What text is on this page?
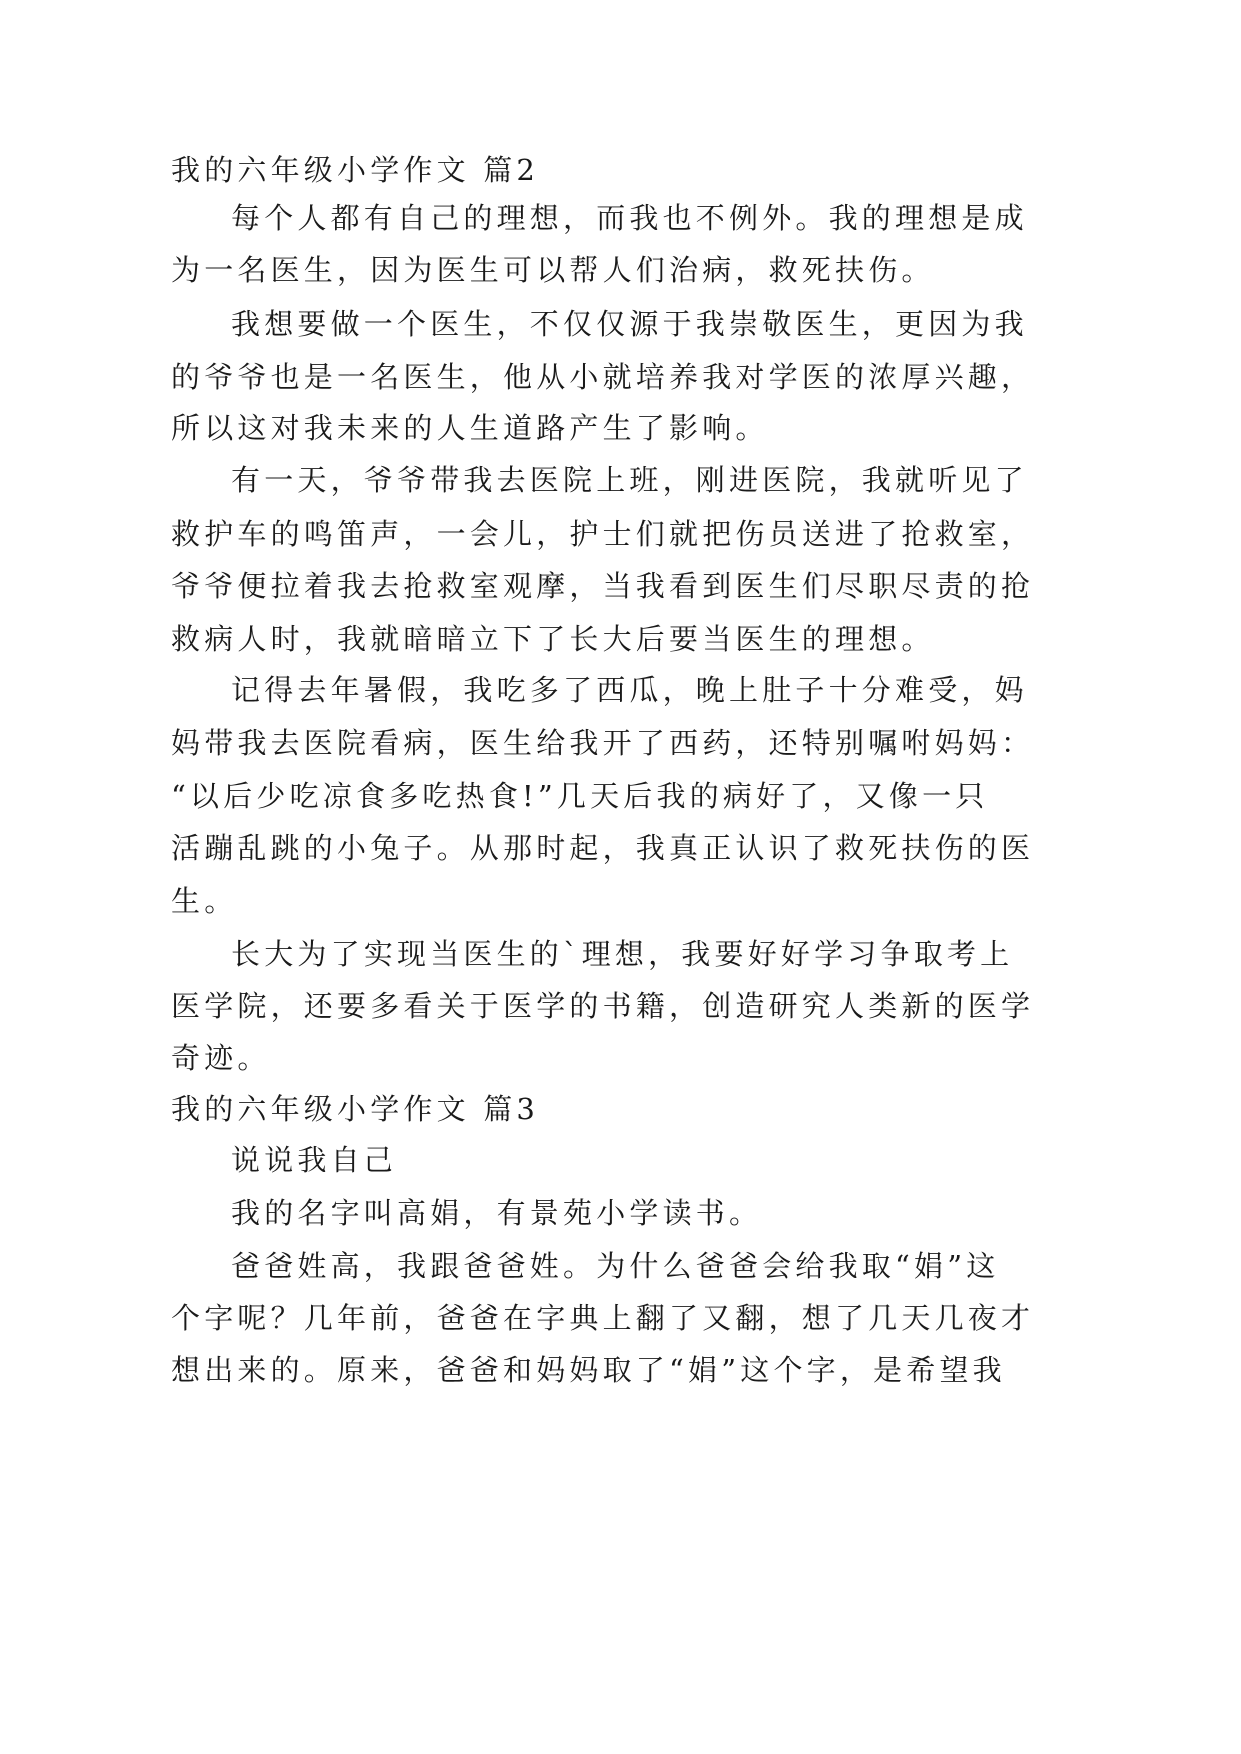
我的六年级小学作文 篇2
每个人都有自己的理想，而我也不例外。我的理想是成
为一名医生，因为医生可以帮人们治病，救死扶伤。
我想要做一个医生，不仅仅源于我崇敬医生，更因为我
的爷爷也是一名医生，他从小就培养我对学医的浓厚兴趣，
所以这对我未来的人生道路产生了影响。
有一天，爷爷带我去医院上班，刚进医院，我就听见了
救护车的鸣笛声，一会儿，护士们就把伤员送进了抢救室，
爷爷便拉着我去抢救室观摩，当我看到医生们尽职尽责的抢
救病人时，我就暗暗立下了长大后要当医生的理想。
记得去年暑假，我吃多了西瓜，晚上肚子十分难受，妈
妈带我去医院看病，医生给我开了西药，还特别嘱咐妈妈：
“以后少吃凉食多吃热食!”几天后我的病好了，又像一只
活蹦乱跳的小兔子。从那时起，我真正认识了救死扶伤的医
生。
长大为了实现当医生的`理想，我要好好学习争取考上
医学院，还要多看关于医学的书籍，创造研究人类新的医学
奇迹。
我的六年级小学作文 篇3
说说我自己
我的名字叫高娟，有景苑小学读书。
爸爸姓高，我跟爸爸姓。为什么爸爸会给我取“娟”这
个字呢？几年前，爸爸在字典上翻了又翻，想了几天几夜才
想出来的。原来，爸爸和妈妈取了“娟”这个字，是希望我
